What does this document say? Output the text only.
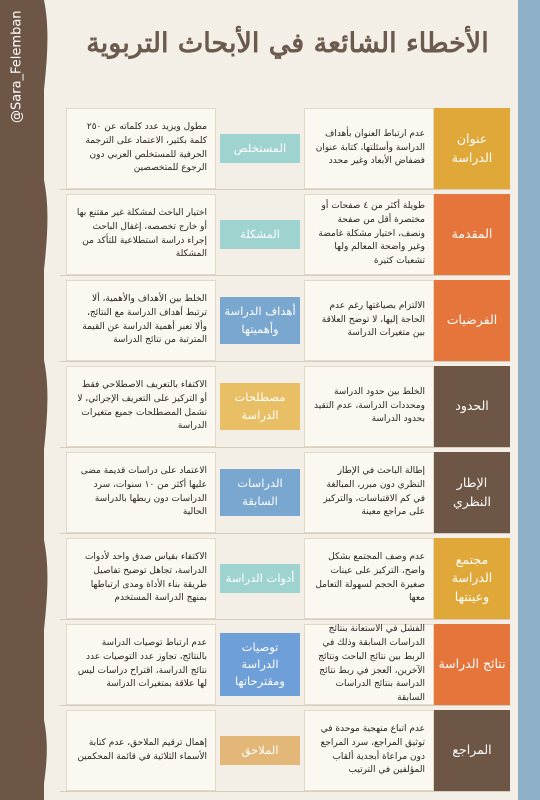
@Sara_Felemban	الأخطاء الشائعة في الأبحاث التربوية
عنوان الدراسة
عدم ارتباط العنوان بأهداف الدراسة وأسئلتها، كتابة عنوان فضفاض الأبعاد وغير محدد
المستخلص
مطول ويزيد عدد كلماته عن ٢٥٠ كلمة بكثير، الاعتماد على الترجمة الحرفية للمستخلص العربي دون الرجوع للمتخصصين
المقدمة
طويلة أكثر من ٤ صفحات أو مختصرة أقل من صفحة ونصف، اختيار مشكلة غامضة وغير واضحة المعالم ولها تشعبات كثيرة
المشكلة
اختيار الباحث لمشكلة غير مقتنع بها أو خارج تخصصه، إغفال الباحث إجراء دراسة استطلاعية للتأكد من المشكلة
الفرضيات
الالتزام بصياغتها رغم عدم الحاجة إليها، لا توضح العلاقة بين متغيرات الدراسة
أهداف الدراسة وأهميتها
الخلط بين الأهداف والأهمية، ألا ترتبط أهداف الدراسة مع النتائج، وألا تعبر أهمية الدراسة عن القيمة المترتبة من نتائج الدراسة
الحدود
الخلط بين حدود الدراسة ومحددات الدراسة، عدم التقيد بحدود الدراسة
مصطلحات الدراسة
الاكتفاء بالتعريف الاصطلاحي فقط أو التركيز على التعريف الإجرائي، لا تشمل المصطلحات جميع متغيرات الدراسة
الإطار النظري
إطالة الباحث في الإطار النظري دون مبرر، المبالغة في كم الاقتباسات، والتركيز على مراجع معينة
الدراسات السابقة
الاعتماد على دراسات قديمة مضى عليها أكثر من ١٠ سنوات، سرد الدراسات دون ربطها بالدراسة الحالية
مجتمع الدراسة وعينتها
عدم وصف المجتمع بشكل واضح، التركيز على عينات صغيرة الحجم لسهولة التعامل معها
أدوات الدراسة
الاكتفاء بقياس صدق واحد لأدوات الدراسة، تجاهل توضيح تفاصيل طريقة بناء الأداة ومدى ارتباطها بمنهج الدراسة المستخدم
نتائج الدراسة
الفشل في الاستعانة بنتائج الدراسات السابقة وذلك في الربط بين نتائج الباحث ونتائج الآخرين، العجز في ربط نتائج الدراسة بنتائج الدراسات السابقة
توصيات الدراسة ومقترحاتها
عدم ارتباط توصيات الدراسة بالنتائج، تجاوز عدد التوصيات عدد نتائج الدراسة، اقتراح دراسات ليس لها علاقة بمتغيرات الدراسة
المراجع
عدم اتباع منهجية موحدة في توثيق المراجع، سرد المراجع دون مراعاة أبجدية ألقاب المؤلفين في الترتيب
الملاحق
إهمال ترقيم الملاحق، عدم كتابة الأسماء الثلاثية في قائمة المحكمين
